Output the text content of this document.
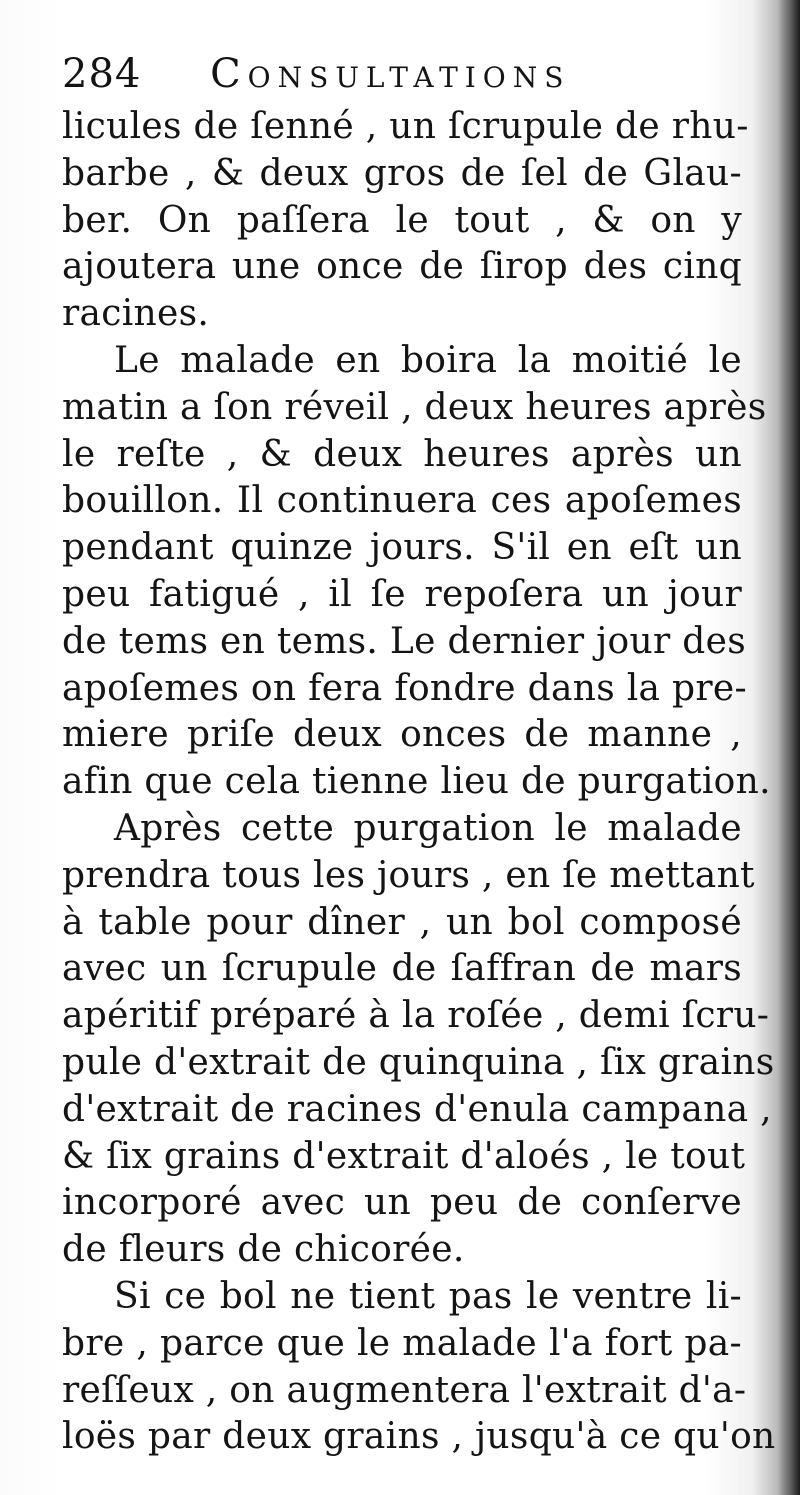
284 Consultations
licules de ſenné , un ſcrupule de rhu-
barbe , & deux gros de ſel de Glau-
ber. On paſſera le tout , & on y
ajoutera une once de ſirop des cinq
racines.
Le malade en boira la moitié le
matin a ſon réveil , deux heures après
le reſte , & deux heures après un
bouillon. Il continuera ces apoſemes
pendant quinze jours. S'il en eſt un
peu fatigué , il ſe repoſera un jour
de tems en tems. Le dernier jour des
apoſemes on fera fondre dans la pre-
miere priſe deux onces de manne ,
afin que cela tienne lieu de purgation.
Après cette purgation le malade
prendra tous les jours , en ſe mettant
à table pour dîner , un bol composé
avec un ſcrupule de ſaffran de mars
apéritif préparé à la roſée , demi ſcru-
pule d'extrait de quinquina , ſix grains
d'extrait de racines d'enula campana ,
& ſix grains d'extrait d'aloés , le tout
incorporé avec un peu de conſerve
de fleurs de chicorée.
Si ce bol ne tient pas le ventre li-
bre , parce que le malade l'a fort pa-
reſſeux , on augmentera l'extrait d'a-
loës par deux grains , jusqu'à ce qu'on
